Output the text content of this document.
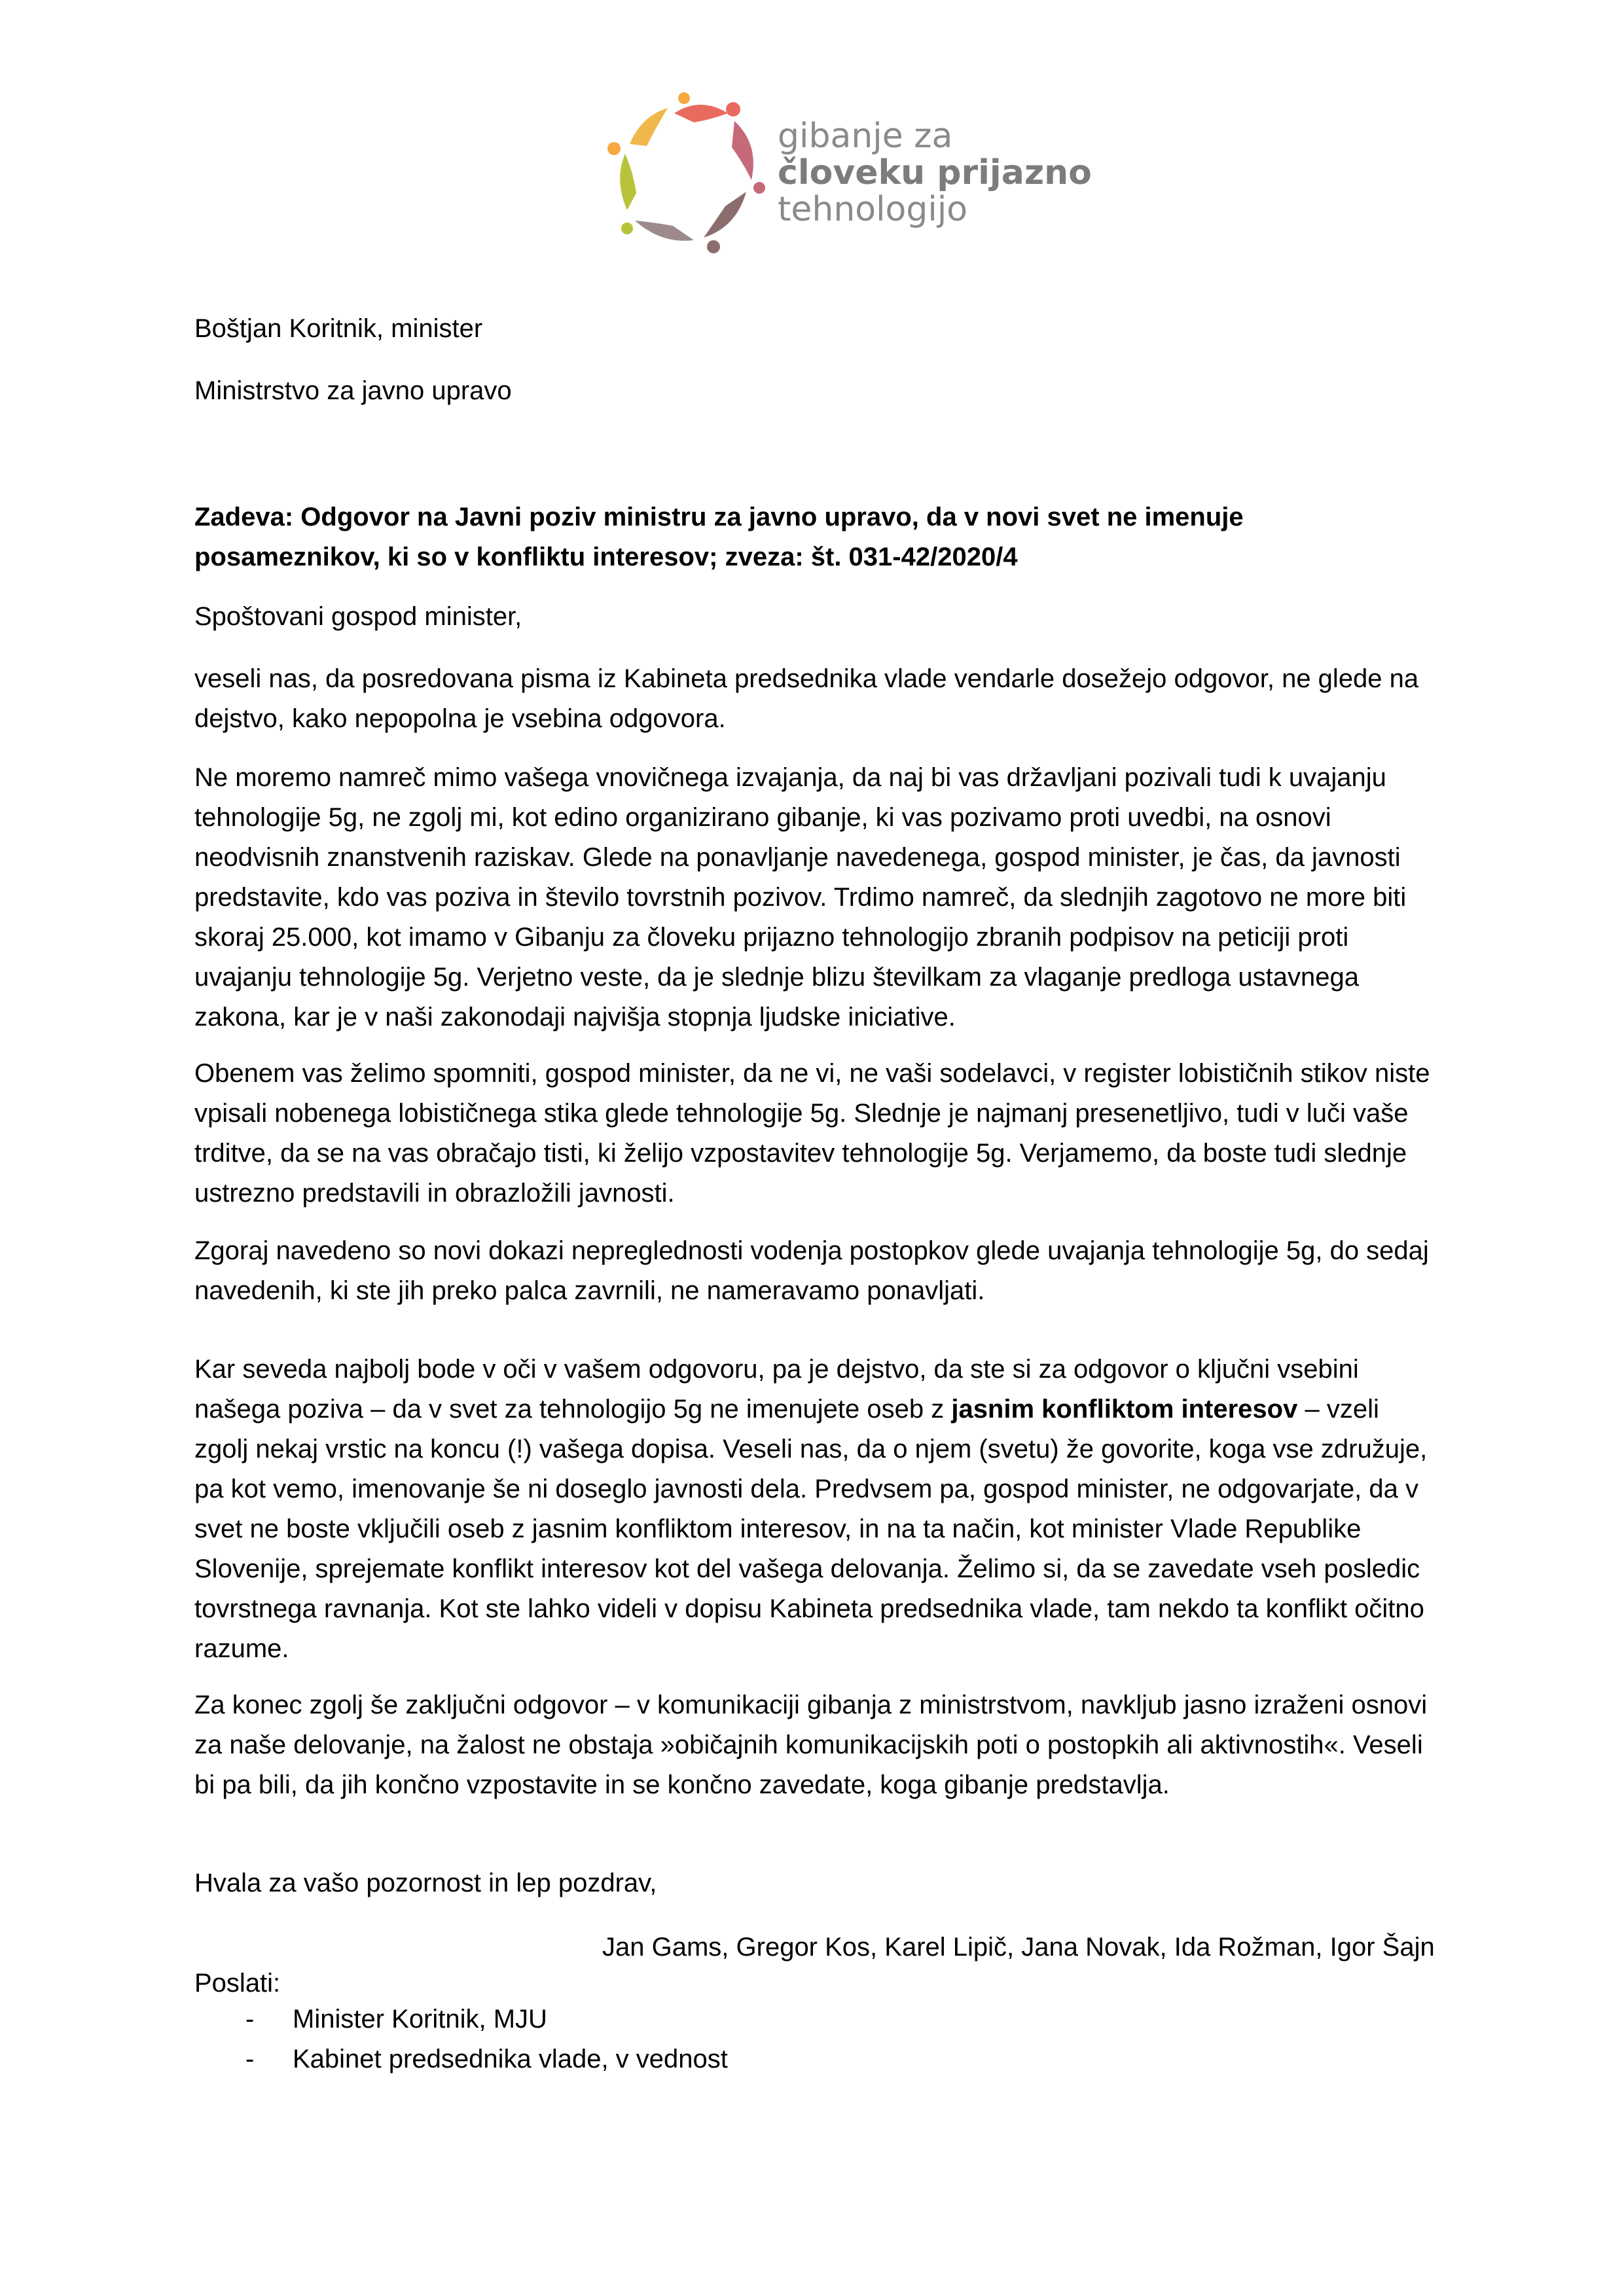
gibanje za
človeku prijazno
tehnologijo

Boštjan Koritnik, minister

Ministrstvo za javno upravo

Zadeva: Odgovor na Javni poziv ministru za javno upravo, da v novi svet ne imenuje posameznikov, ki so v konfliktu interesov; zveza: št. 031-42/2020/4

Spoštovani gospod minister,

veseli nas, da posredovana pisma iz Kabineta predsednika vlade vendarle dosežejo odgovor, ne glede na dejstvo, kako nepopolna je vsebina odgovora.

Ne moremo namreč mimo vašega vnovičnega izvajanja, da naj bi vas državljani pozivali tudi k uvajanju tehnologije 5g, ne zgolj mi, kot edino organizirano gibanje, ki vas pozivamo proti uvedbi, na osnovi neodvisnih znanstvenih raziskav. Glede na ponavljanje navedenega, gospod minister, je čas, da javnosti predstavite, kdo vas poziva in število tovrstnih pozivov. Trdimo namreč, da slednjih zagotovo ne more biti skoraj 25.000, kot imamo v Gibanju za človeku prijazno tehnologijo zbranih podpisov na peticiji proti uvajanju tehnologije 5g. Verjetno veste, da je slednje blizu številkam za vlaganje predloga ustavnega zakona, kar je v naši zakonodaji najvišja stopnja ljudske iniciative.

Obenem vas želimo spomniti, gospod minister, da ne vi, ne vaši sodelavci, v register lobističnih stikov niste vpisali nobenega lobističnega stika glede tehnologije 5g. Slednje je najmanj presenetljivo, tudi v luči vaše trditve, da se na vas obračajo tisti, ki želijo vzpostavitev tehnologije 5g. Verjamemo, da boste tudi slednje ustrezno predstavili in obrazložili javnosti.

Zgoraj navedeno so novi dokazi nepreglednosti vodenja postopkov glede uvajanja tehnologije 5g, do sedaj navedenih, ki ste jih preko palca zavrnili, ne nameravamo ponavljati.

Kar seveda najbolj bode v oči v vašem odgovoru, pa je dejstvo, da ste si za odgovor o ključni vsebini našega poziva – da v svet za tehnologijo 5g ne imenujete oseb z jasnim konfliktom interesov – vzeli zgolj nekaj vrstic na koncu (!) vašega dopisa. Veseli nas, da o njem (svetu) že govorite, koga vse združuje, pa kot vemo, imenovanje še ni doseglo javnosti dela. Predvsem pa, gospod minister, ne odgovarjate, da v svet ne boste vključili oseb z jasnim konfliktom interesov, in na ta način, kot minister Vlade Republike Slovenije, sprejemate konflikt interesov kot del vašega delovanja. Želimo si, da se zavedate vseh posledic tovrstnega ravnanja. Kot ste lahko videli v dopisu Kabineta predsednika vlade, tam nekdo ta konflikt očitno razume.

Za konec zgolj še zaključni odgovor – v komunikaciji gibanja z ministrstvom, navkljub jasno izraženi osnovi za naše delovanje, na žalost ne obstaja »običajnih komunikacijskih poti o postopkih ali aktivnostih«. Veseli bi pa bili, da jih končno vzpostavite in se končno zavedate, koga gibanje predstavlja.

Hvala za vašo pozornost in lep pozdrav,

Jan Gams, Gregor Kos, Karel Lipič, Jana Novak, Ida Rožman, Igor Šajn

Poslati:

- Minister Koritnik, MJU
- Kabinet predsednika vlade, v vednost
